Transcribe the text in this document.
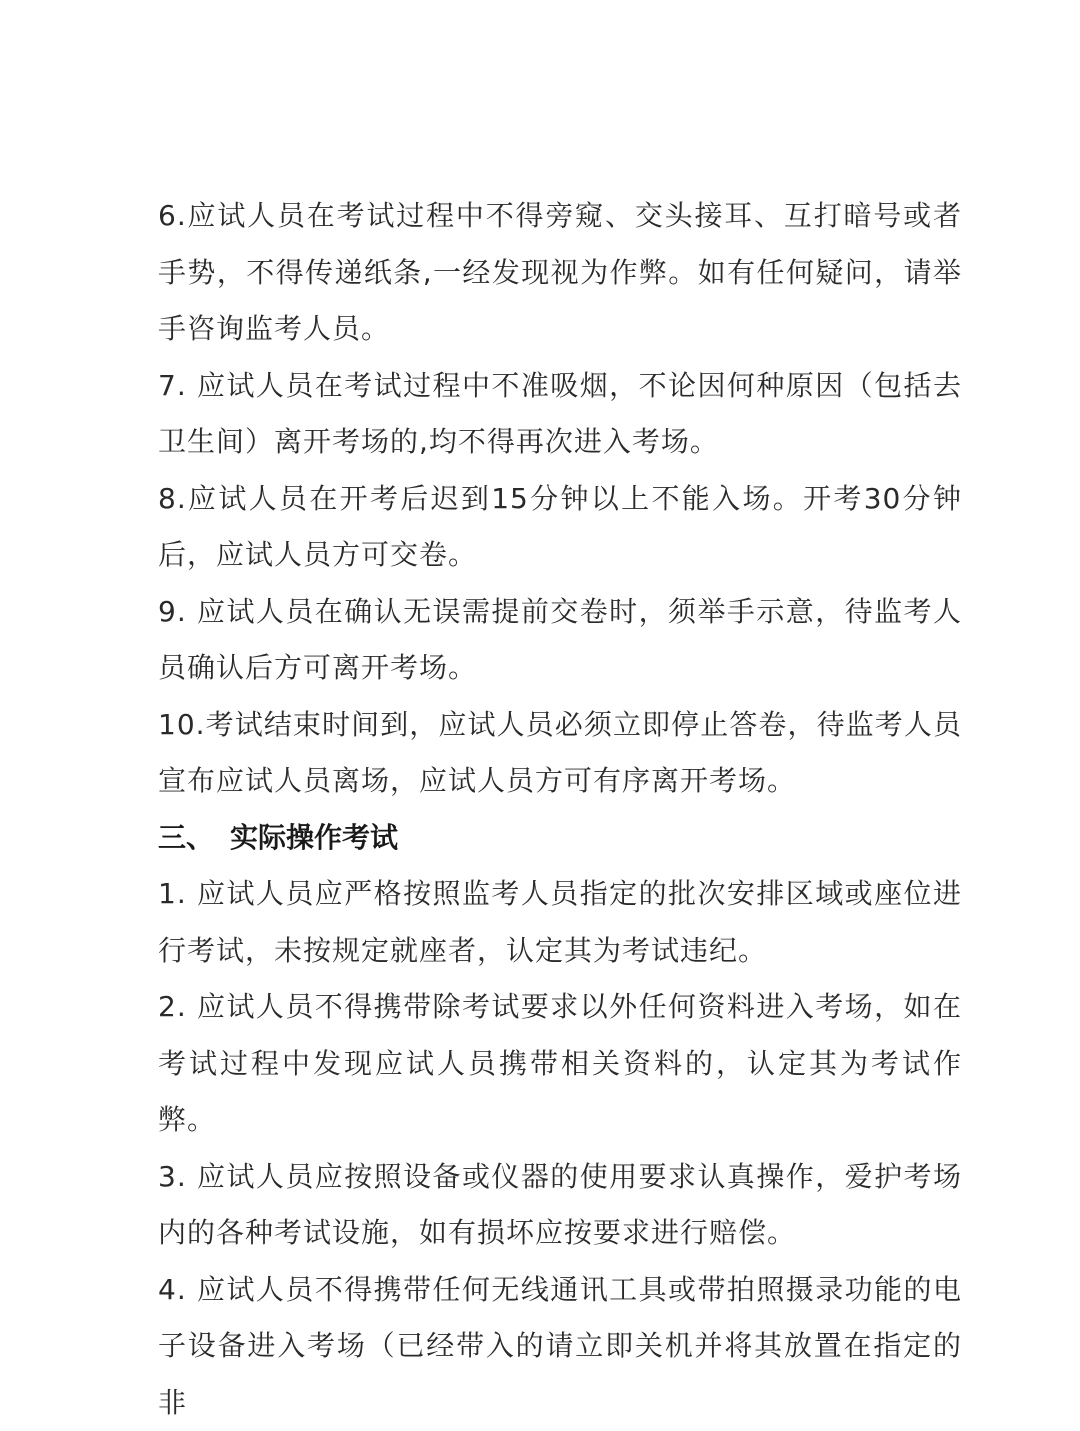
6.应试人员在考试过程中不得旁窥、交头接耳、互打暗号或者手势，不得传递纸条,一经发现视为作弊。如有任何疑问，请举手咨询监考人员。

7. 应试人员在考试过程中不准吸烟，不论因何种原因（包括去卫生间）离开考场的,均不得再次进入考场。

8.应试人员在开考后迟到15分钟以上不能入场。开考30分钟后，应试人员方可交卷。

9. 应试人员在确认无误需提前交卷时，须举手示意，待监考人员确认后方可离开考场。

10.考试结束时间到，应试人员必须立即停止答卷，待监考人员宣布应试人员离场，应试人员方可有序离开考场。

三、 实际操作考试

1. 应试人员应严格按照监考人员指定的批次安排区域或座位进行考试，未按规定就座者，认定其为考试违纪。

2. 应试人员不得携带除考试要求以外任何资料进入考场，如在考试过程中发现应试人员携带相关资料的，认定其为考试作弊。

3. 应试人员应按照设备或仪器的使用要求认真操作，爱护考场内的各种考试设施，如有损坏应按要求进行赔偿。

4. 应试人员不得携带任何无线通讯工具或带拍照摄录功能的电子设备进入考场（已经带入的请立即关机并将其放置在指定的非
